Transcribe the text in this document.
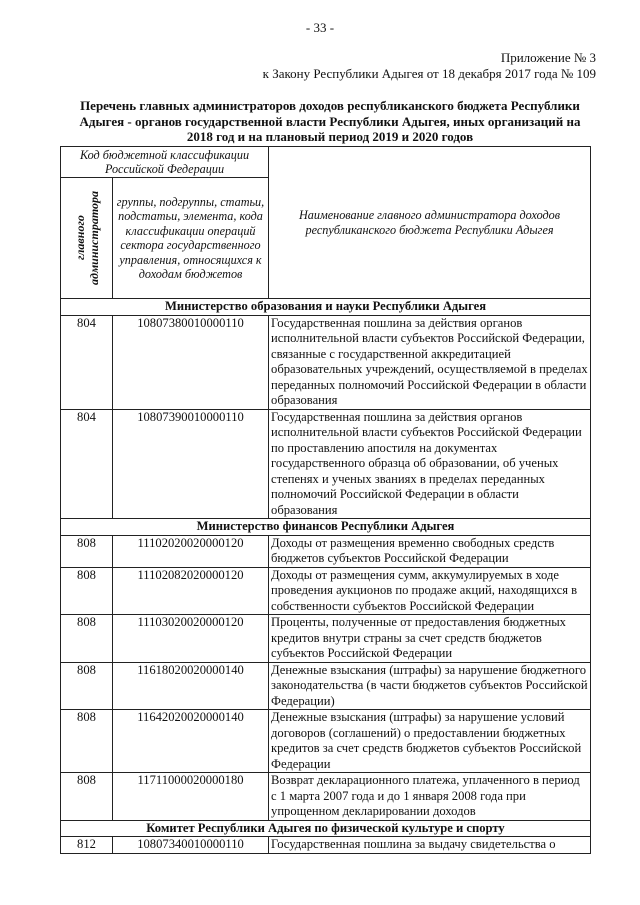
- 33 -
Приложение № 3
к Закону Республики Адыгея от 18 декабря 2017 года № 109
Перечень главных администраторов доходов республиканского бюджета Республики Адыгея - органов государственной власти Республики Адыгея, иных организаций на 2018 год и на плановый период 2019 и 2020 годов
Код бюджетной классификации Российской Федерации		Наименование главного администратора доходов республиканского бюджета Республики Адыгея

главного администратора	группы, подгруппы, статьи, подстатьи, элемента, кода классификации операций сектора государственного управления, относящихся к доходам бюджетов	
Министерство образования и науки Республики Адыгея		
804	10807380010000110	Государственная пошлина за действия органов исполнительной власти субъектов Российской Федерации, связанные с государственной аккредитацией образовательных учреждений, осуществляемой в пределах переданных полномочий Российской Федерации в области образования
804	10807390010000110	Государственная пошлина за действия органов исполнительной власти субъектов Российской Федерации по проставлению апостиля на документах государственного образца об образовании, об ученых степенях и ученых званиях в пределах переданных полномочий Российской Федерации в области образования
Министерство финансов Республики Адыгея		
808	11102020020000120	Доходы от размещения временно свободных средств бюджетов субъектов Российской Федерации
808	11102082020000120	Доходы от размещения сумм, аккумулируемых в ходе проведения аукционов по продаже акций, находящихся в собственности субъектов Российской Федерации
808	11103020020000120	Проценты, полученные от предоставления бюджетных кредитов внутри страны за счет средств бюджетов субъектов Российской Федерации
808	11618020020000140	Денежные взыскания (штрафы) за нарушение бюджетного законодательства (в части бюджетов субъектов Российской Федерации)
808	11642020020000140	Денежные взыскания (штрафы) за нарушение условий договоров (соглашений) о предоставлении бюджетных кредитов за счет средств бюджетов субъектов Российской Федерации
808	11711000020000180	Возврат декларационного платежа, уплаченного в период с 1 марта 2007 года и до 1 января 2008 года при упрощенном декларировании доходов
Комитет Республики Адыгея по физической культуре и спорту		
812	10807340010000110	Государственная пошлина за выдачу свидетельства о
